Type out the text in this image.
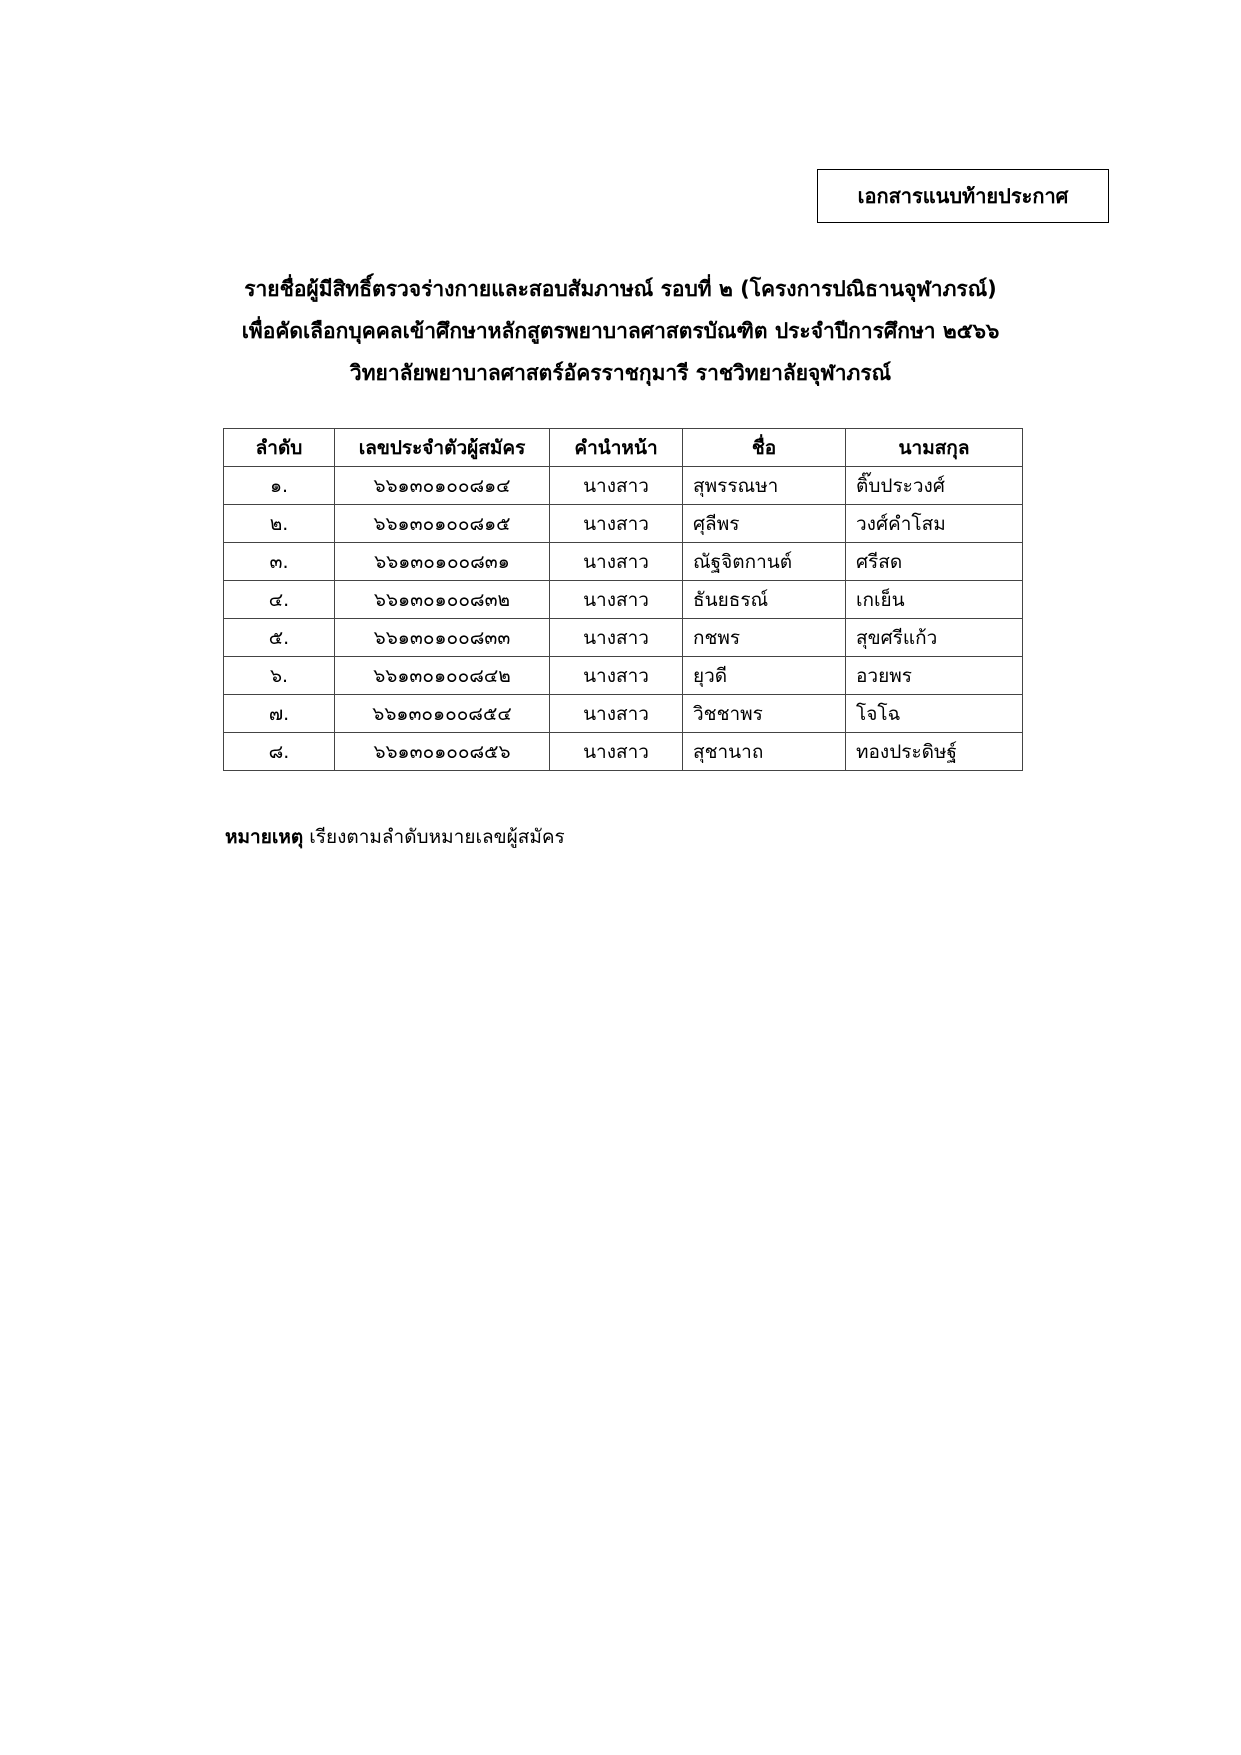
เอกสารแนบท้ายประกาศ
รายชื่อผู้มีสิทธิ์ตรวจร่างกายและสอบสัมภาษณ์ รอบที่ ๒ (โครงการปณิธานจุฬาภรณ์)
เพื่อคัดเลือกบุคคลเข้าศึกษาหลักสูตรพยาบาลศาสตรบัณฑิต ประจำปีการศึกษา ๒๕๖๖
วิทยาลัยพยาบาลศาสตร์อัครราชกุมารี ราชวิทยาลัยจุฬาภรณ์
ลำดับ	เลขประจำตัวผู้สมัคร	คำนำหน้า	ชื่อ	นามสกุล
๑.	๖๖๑๓๐๑๐๐๘๑๔	นางสาว	สุพรรณษา	ติ๊บประวงศ์
๒.	๖๖๑๓๐๑๐๐๘๑๕	นางสาว	ศุลีพร	วงศ์คำโสม
๓.	๖๖๑๓๐๑๐๐๘๓๑	นางสาว	ณัฐจิตกานต์	ศรีสด
๔.	๖๖๑๓๐๑๐๐๘๓๒	นางสาว	ธันยธรณ์	เกเย็น
๕.	๖๖๑๓๐๑๐๐๘๓๓	นางสาว	กชพร	สุขศรีแก้ว
๖.	๖๖๑๓๐๑๐๐๘๔๒	นางสาว	ยุวดี	อวยพร
๗.	๖๖๑๓๐๑๐๐๘๕๔	นางสาว	วิชชาพร	โจโฉ
๘.	๖๖๑๓๐๑๐๐๘๕๖	นางสาว	สุชานาถ	ทองประดิษฐ์
หมายเหตุ เรียงตามลำดับหมายเลขผู้สมัคร
